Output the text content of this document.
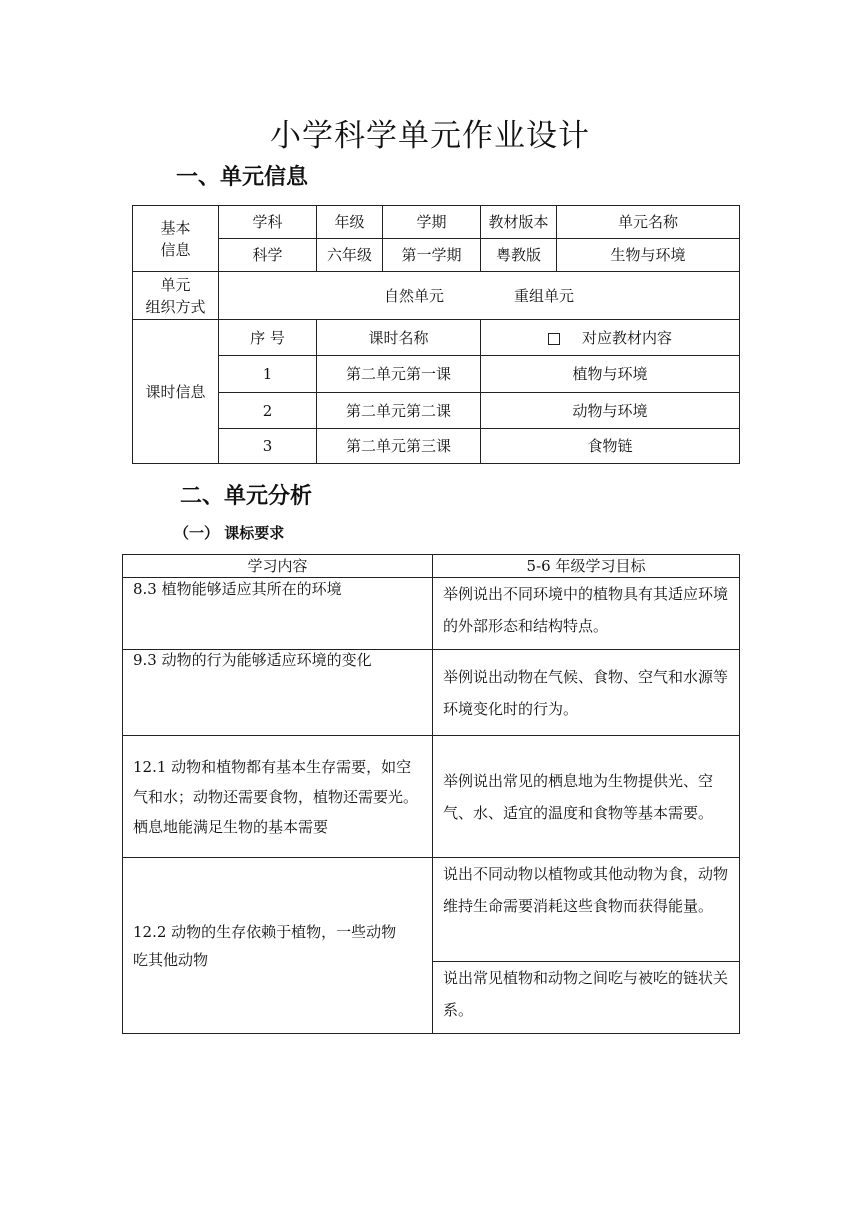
小学科学单元作业设计
一、单元信息
基本
信息	学科	年级	学期	教材版本	单元名称
	科学	六年级	第一学期	粤教版	生物与环境
单元
组织方式	自然单元 重组单元				
课时信息	序 号	课时名称		对应教材内容	
	1	第二单元第一课		植物与环境	
	2	第二单元第二课		动物与环境	
	3	第二单元第三课		食物链	
二、单元分析
（一） 课标要求
学习内容	5-6 年级学习目标
8.3 植物能够适应其所在的环境	举例说出不同环境中的植物具有其适应环境的外部形态和结构特点。
9.3 动物的行为能够适应环境的变化	举例说出动物在气候、食物、空气和水源等环境变化时的行为。
12.1 动物和植物都有基本生存需要，如空气和水；动物还需要食物，植物还需要光。栖息地能满足生物的基本需要	举例说出常见的栖息地为生物提供光、空气、水、适宜的温度和食物等基本需要。
12.2 动物的生存依赖于植物，一些动物吃其他动物	说出不同动物以植物或其他动物为食，动物维持生命需要消耗这些食物而获得能量。
	说出常见植物和动物之间吃与被吃的链状关系。
